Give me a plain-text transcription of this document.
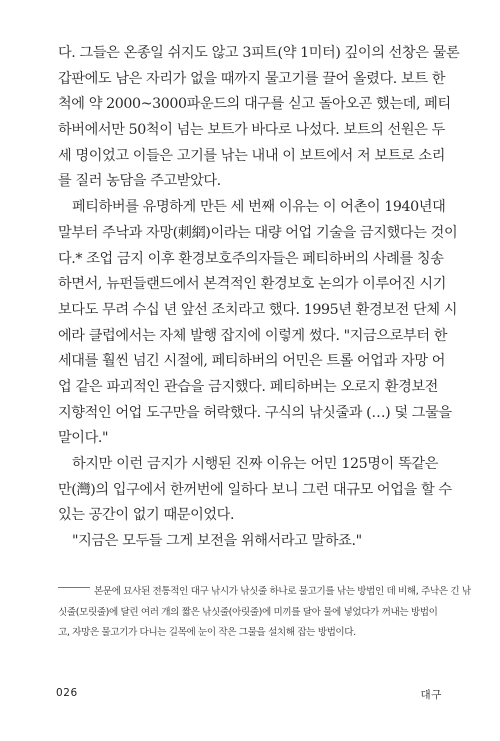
다. 그들은 온종일 쉬지도 않고 3피트(약 1미터) 깊이의 선창은 물론
갑판에도 남은 자리가 없을 때까지 물고기를 끌어 올렸다. 보트 한
척에 약 2000~3000파운드의 대구를 싣고 돌아오곤 했는데, 페티
하버에서만 50척이 넘는 보트가 바다로 나섰다. 보트의 선원은 두
세 명이었고 이들은 고기를 낚는 내내 이 보트에서 저 보트로 소리
를 질러 농담을 주고받았다.
페티하버를 유명하게 만든 세 번째 이유는 이 어촌이 1940년대
말부터 주낙과 자망(刺網)이라는 대량 어업 기술을 금지했다는 것이
다.* 조업 금지 이후 환경보호주의자들은 페티하버의 사례를 칭송
하면서, 뉴펀들랜드에서 본격적인 환경보호 논의가 이루어진 시기
보다도 무려 수십 년 앞선 조치라고 했다. 1995년 환경보전 단체 시
에라 클럽에서는 자체 발행 잡지에 이렇게 썼다. "지금으로부터 한
세대를 훨씬 넘긴 시절에, 페티하버의 어민은 트롤 어업과 자망 어
업 같은 파괴적인 관습을 금지했다. 페티하버는 오로지 환경보전
지향적인 어업 도구만을 허락했다. 구식의 낚싯줄과 (…) 덫 그물을
말이다."
하지만 이런 금지가 시행된 진짜 이유는 어민 125명이 똑같은
만(灣)의 입구에서 한꺼번에 일하다 보니 그런 대규모 어업을 할 수
있는 공간이 없기 때문이었다.
"지금은 모두들 그게 보전을 위해서라고 말하죠."
본문에 묘사된 전통적인 대구 낚시가 낚싯줄 하나로 물고기를 낚는 방법인 데 비해, 주낙은 긴 낚
싯줄(모릿줄)에 달린 여러 개의 짧은 낚싯줄(아릿줄)에 미끼를 달아 물에 넣었다가 꺼내는 방법이
고, 자망은 물고기가 다니는 길목에 눈이 작은 그물을 설치해 잡는 방법이다.
026	대구
